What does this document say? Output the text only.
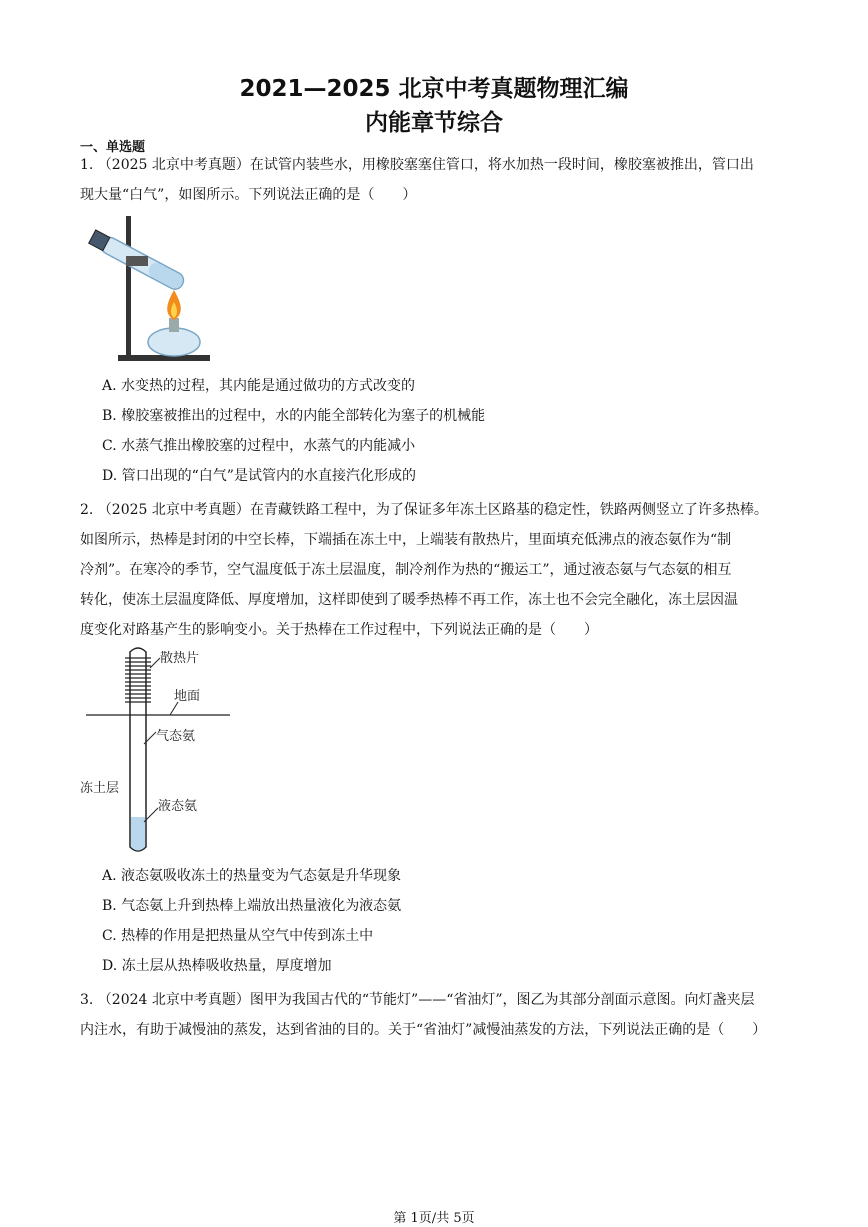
2021—2025 北京中考真题物理汇编
内能章节综合
一、单选题
1. （2025 北京中考真题）在试管内装些水，用橡胶塞塞住管口，将水加热一段时间，橡胶塞被推出，管口出
现大量“白气”，如图所示。下列说法正确的是（　　）
A. 水变热的过程，其内能是通过做功的方式改变的
B. 橡胶塞被推出的过程中，水的内能全部转化为塞子的机械能
C. 水蒸气推出橡胶塞的过程中，水蒸气的内能减小
D. 管口出现的“白气”是试管内的水直接汽化形成的
2. （2025 北京中考真题）在青藏铁路工程中，为了保证多年冻土区路基的稳定性，铁路两侧竖立了许多热棒。
如图所示，热棒是封闭的中空长棒，下端插在冻土中，上端装有散热片，里面填充低沸点的液态氨作为“制
冷剂”。在寒冷的季节，空气温度低于冻土层温度，制冷剂作为热的“搬运工”，通过液态氨与气态氨的相互
转化，使冻土层温度降低、厚度增加，这样即使到了暖季热棒不再工作，冻土也不会完全融化，冻土层因温
度变化对路基产生的影响变小。关于热棒在工作过程中，下列说法正确的是（　　）
散热片
地面
气态氨
冻土层
液态氨
A. 液态氨吸收冻土的热量变为气态氨是升华现象
B. 气态氨上升到热棒上端放出热量液化为液态氨
C. 热棒的作用是把热量从空气中传到冻土中
D. 冻土层从热棒吸收热量，厚度增加
3. （2024 北京中考真题）图甲为我国古代的“节能灯”——“省油灯”，图乙为其部分剖面示意图。向灯盏夹层
内注水，有助于减慢油的蒸发，达到省油的目的。关于“省油灯”减慢油蒸发的方法，下列说法正确的是（　　）
第 1页/共 5页
